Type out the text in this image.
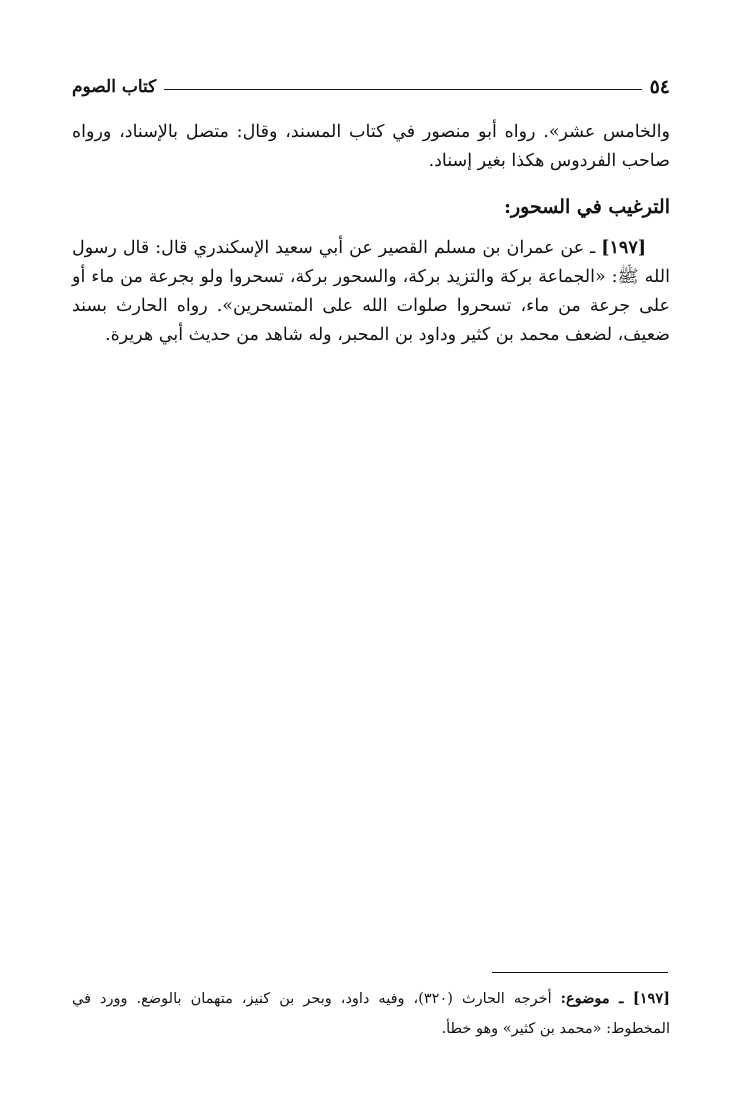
٥٤
كتاب الصوم

والخامس عشر». رواه أبو منصور في كتاب المسند، وقال: متصل بالإسناد، ورواه صاحب الفردوس هكذا بغير إسناد.

الترغيب في السحور:

[١٩٧] ـ عن عمران بن مسلم القصير عن أبي سعيد الإسكندري قال: قال رسول الله ﷺ: «الجماعة بركة والتزيد بركة، والسحور بركة، تسحروا ولو بجرعة من ماء أو على جرعة من ماء، تسحروا صلوات الله على المتسحرين». رواه الحارث بسند ضعيف، لضعف محمد بن كثير وداود بن المحبر، وله شاهد من حديث أبي هريرة.

[١٩٧] ـ موضوع: أخرجه الحارث (٣٢٠)، وفيه داود، وبحر بن كنيز، متهمان بالوضع. وورد في المخطوط: «محمد بن كثير» وهو خطأ.
